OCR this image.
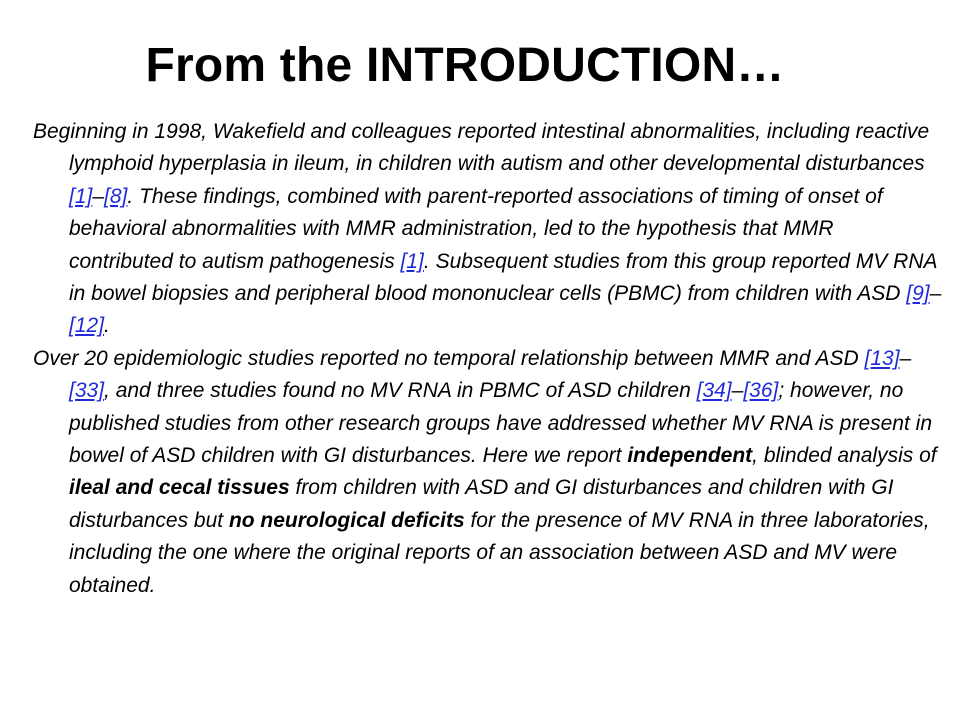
From the INTRODUCTION…

Beginning in 1998, Wakefield and colleagues reported intestinal abnormalities, including reactive lymphoid hyperplasia in ileum, in children with autism and other developmental disturbances [1]–[8]. These findings, combined with parent-reported associations of timing of onset of behavioral abnormalities with MMR administration, led to the hypothesis that MMR contributed to autism pathogenesis [1]. Subsequent studies from this group reported MV RNA in bowel biopsies and peripheral blood mononuclear cells (PBMC) from children with ASD [9]–[12].

Over 20 epidemiologic studies reported no temporal relationship between MMR and ASD [13]–[33], and three studies found no MV RNA in PBMC of ASD children [34]–[36]; however, no published studies from other research groups have addressed whether MV RNA is present in bowel of ASD children with GI disturbances. Here we report independent, blinded analysis of ileal and cecal tissues from children with ASD and GI disturbances and children with GI disturbances but no neurological deficits for the presence of MV RNA in three laboratories, including the one where the original reports of an association between ASD and MV were obtained.
